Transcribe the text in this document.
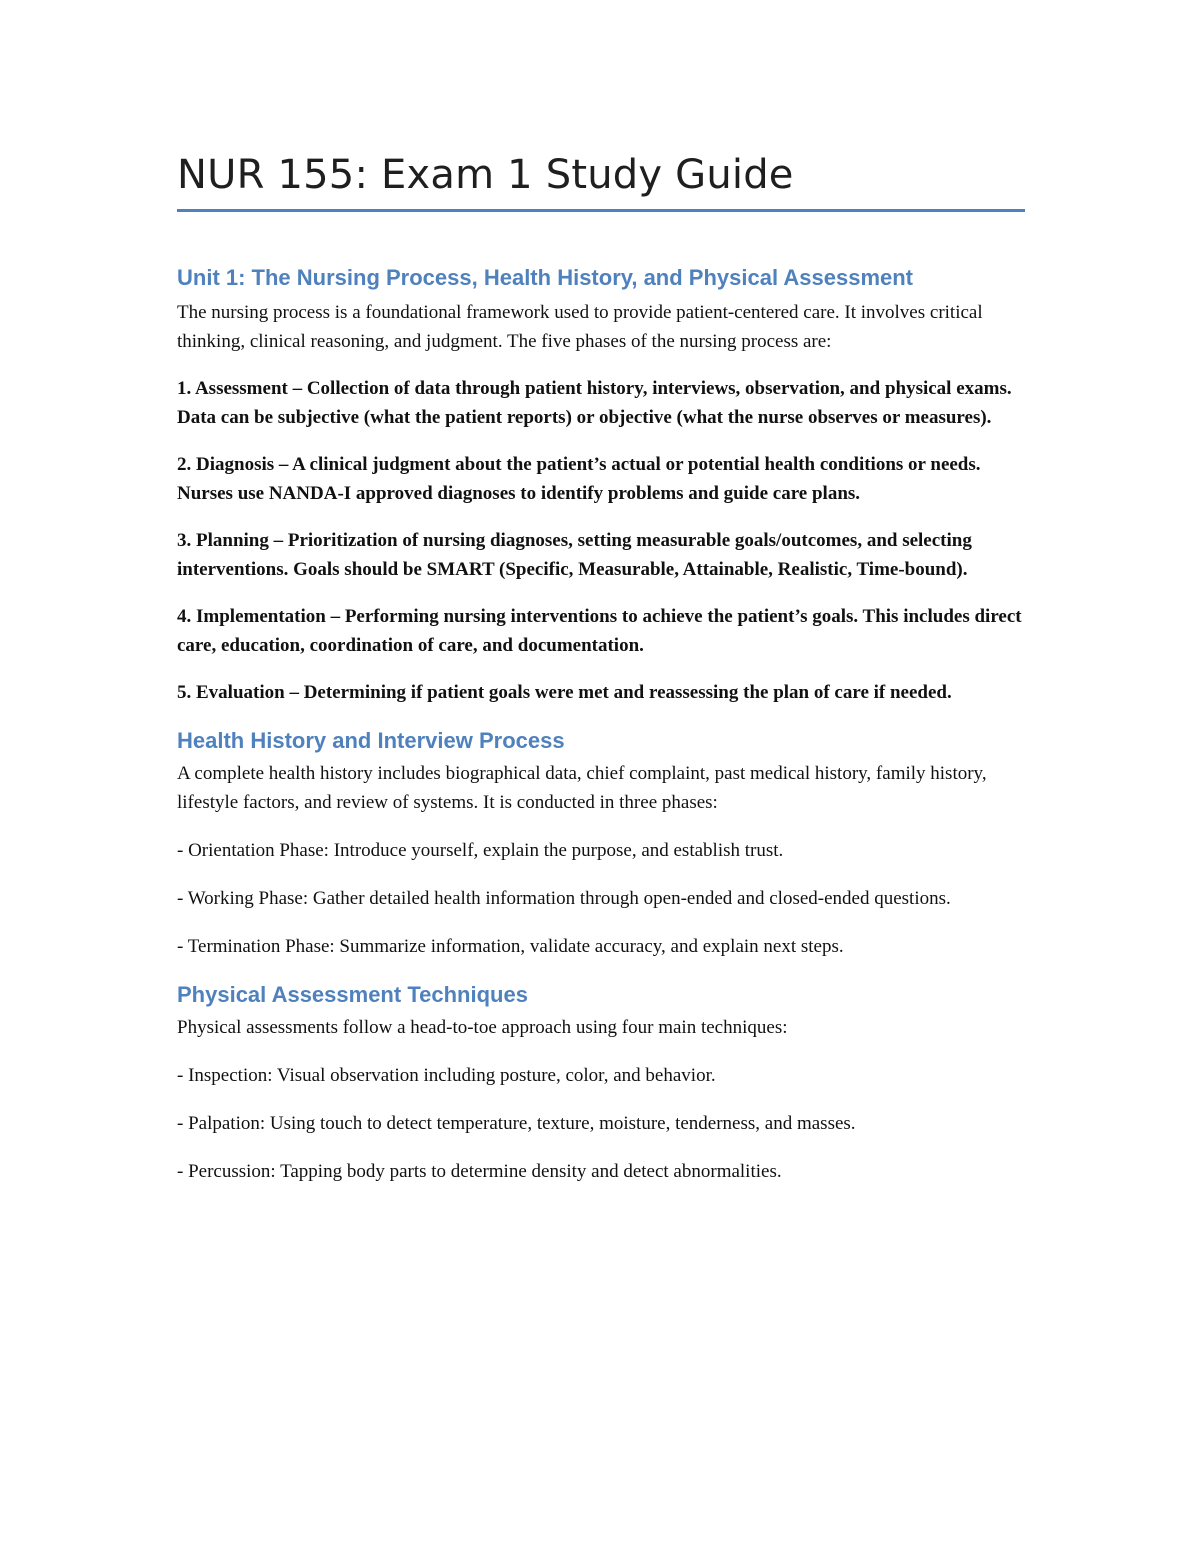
NUR 155: Exam 1 Study Guide
Unit 1: The Nursing Process, Health History, and Physical Assessment

The nursing process is a foundational framework used to provide patient-centered care. It involves critical thinking, clinical reasoning, and judgment. The five phases of the nursing process are:

1. Assessment – Collection of data through patient history, interviews, observation, and physical exams. Data can be subjective (what the patient reports) or objective (what the nurse observes or measures).

2. Diagnosis – A clinical judgment about the patient’s actual or potential health conditions or needs. Nurses use NANDA-I approved diagnoses to identify problems and guide care plans.

3. Planning – Prioritization of nursing diagnoses, setting measurable goals/outcomes, and selecting interventions. Goals should be SMART (Specific, Measurable, Attainable, Realistic, Time-bound).

4. Implementation – Performing nursing interventions to achieve the patient’s goals. This includes direct care, education, coordination of care, and documentation.

5. Evaluation – Determining if patient goals were met and reassessing the plan of care if needed.

Health History and Interview Process

A complete health history includes biographical data, chief complaint, past medical history, family history, lifestyle factors, and review of systems. It is conducted in three phases:

- Orientation Phase: Introduce yourself, explain the purpose, and establish trust.

- Working Phase: Gather detailed health information through open-ended and closed-ended questions.

- Termination Phase: Summarize information, validate accuracy, and explain next steps.

Physical Assessment Techniques

Physical assessments follow a head-to-toe approach using four main techniques:

- Inspection: Visual observation including posture, color, and behavior.

- Palpation: Using touch to detect temperature, texture, moisture, tenderness, and masses.

- Percussion: Tapping body parts to determine density and detect abnormalities.
